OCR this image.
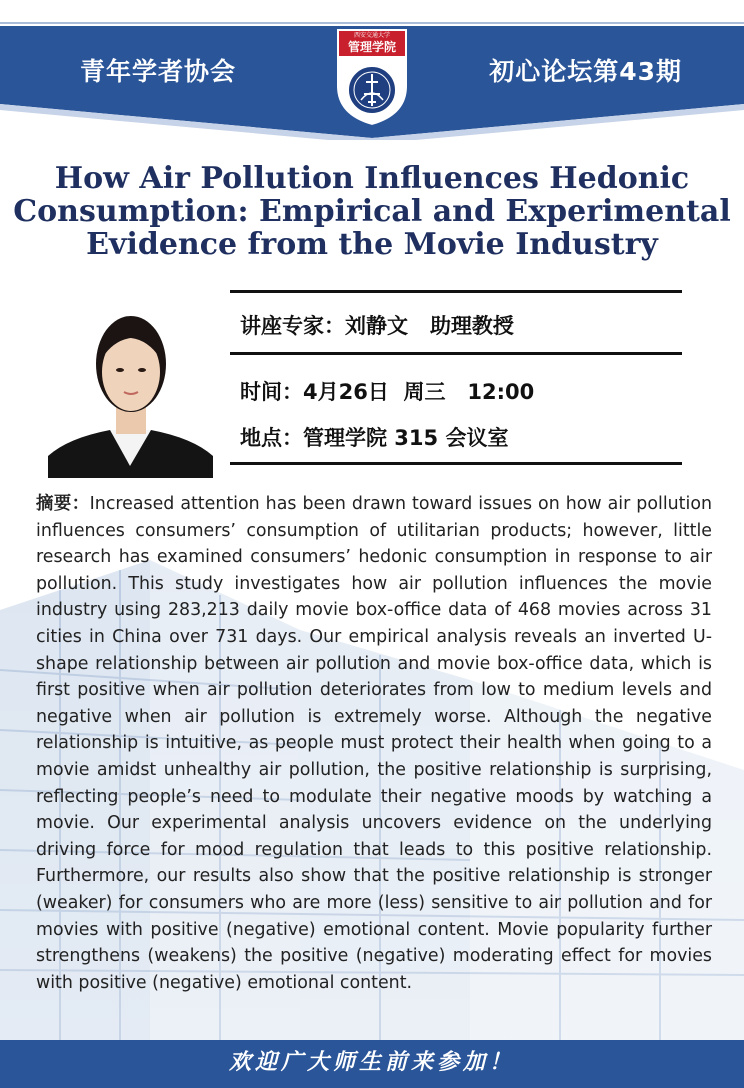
青年学者协会	初心论坛第43期
西安交通大学
管理学院
How Air Pollution Influences Hedonic
Consumption: Empirical and Experimental
Evidence from the Movie Industry
讲座专家：刘静文 助理教授
时间：4月26日 周三 12:00
地点：管理学院 315 会议室

摘要：Increased attention has been drawn toward issues on how air pollution influences consumers’ consumption of utilitarian products; however, little research has examined consumers’ hedonic consumption in response to air pollution. This study investigates how air pollution influences the movie industry using 283,213 daily movie box-office data of 468 movies across 31 cities in China over 731 days. Our empirical analysis reveals an inverted U-shape relationship between air pollution and movie box-office data, which is first positive when air pollution deteriorates from low to medium levels and negative when air pollution is extremely worse. Although the negative relationship is intuitive, as people must protect their health when going to a movie amidst unhealthy air pollution, the positive relationship is surprising, reflecting people’s need to modulate their negative moods by watching a movie. Our experimental analysis uncovers evidence on the underlying driving force for mood regulation that leads to this positive relationship. Furthermore, our results also show that the positive relationship is stronger (weaker) for consumers who are more (less) sensitive to air pollution and for movies with positive (negative) emotional content. Movie popularity further strengthens (weakens) the positive (negative) moderating effect for movies with positive (negative) emotional content.

欢迎广大师生前来参加！
